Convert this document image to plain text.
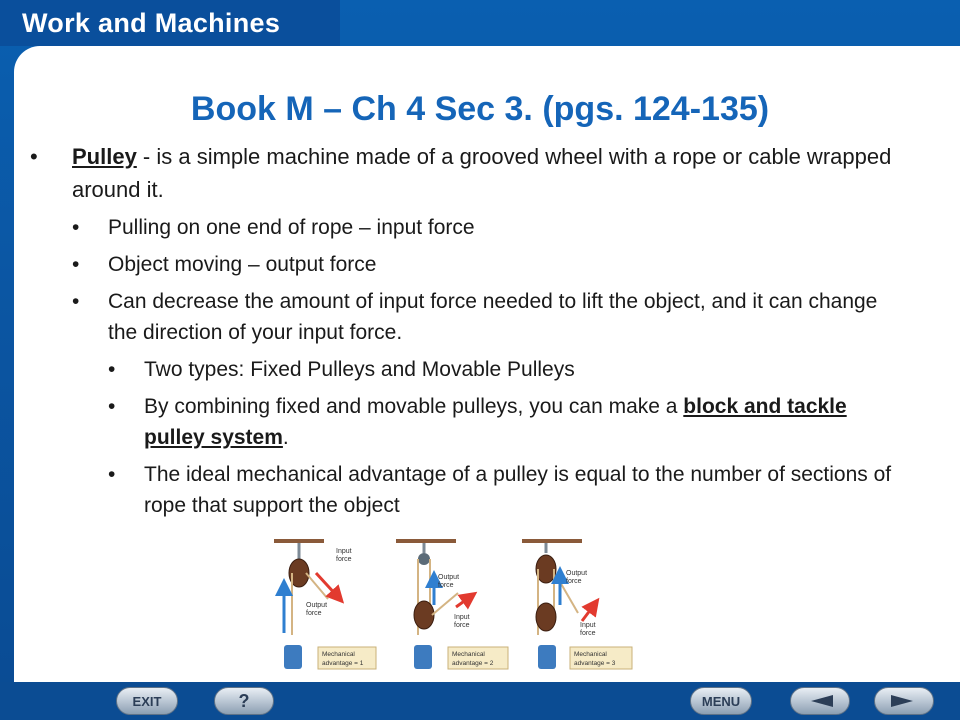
Work and Machines
Book M – Ch 4 Sec 3. (pgs. 124-135)
• Pulley - is a simple machine made of a grooved wheel with a rope or cable wrapped around it.
• Pulling on one end of rope – input force
• Object moving – output force
• Can decrease the amount of input force needed to lift the object, and it can change the direction of your input force.
• Two types: Fixed Pulleys and Movable Pulleys
• By combining fixed and movable pulleys, you can make a block and tackle pulley system.
• The ideal mechanical advantage of a pulley is equal to the number of sections of rope that support the object
Input
force
Output
force
Mechanical
advantage = 1
Output
force
Input
force
Mechanical
advantage = 2
Output
force
Input
force
Mechanical
advantage = 3
EXIT	?	MENU
